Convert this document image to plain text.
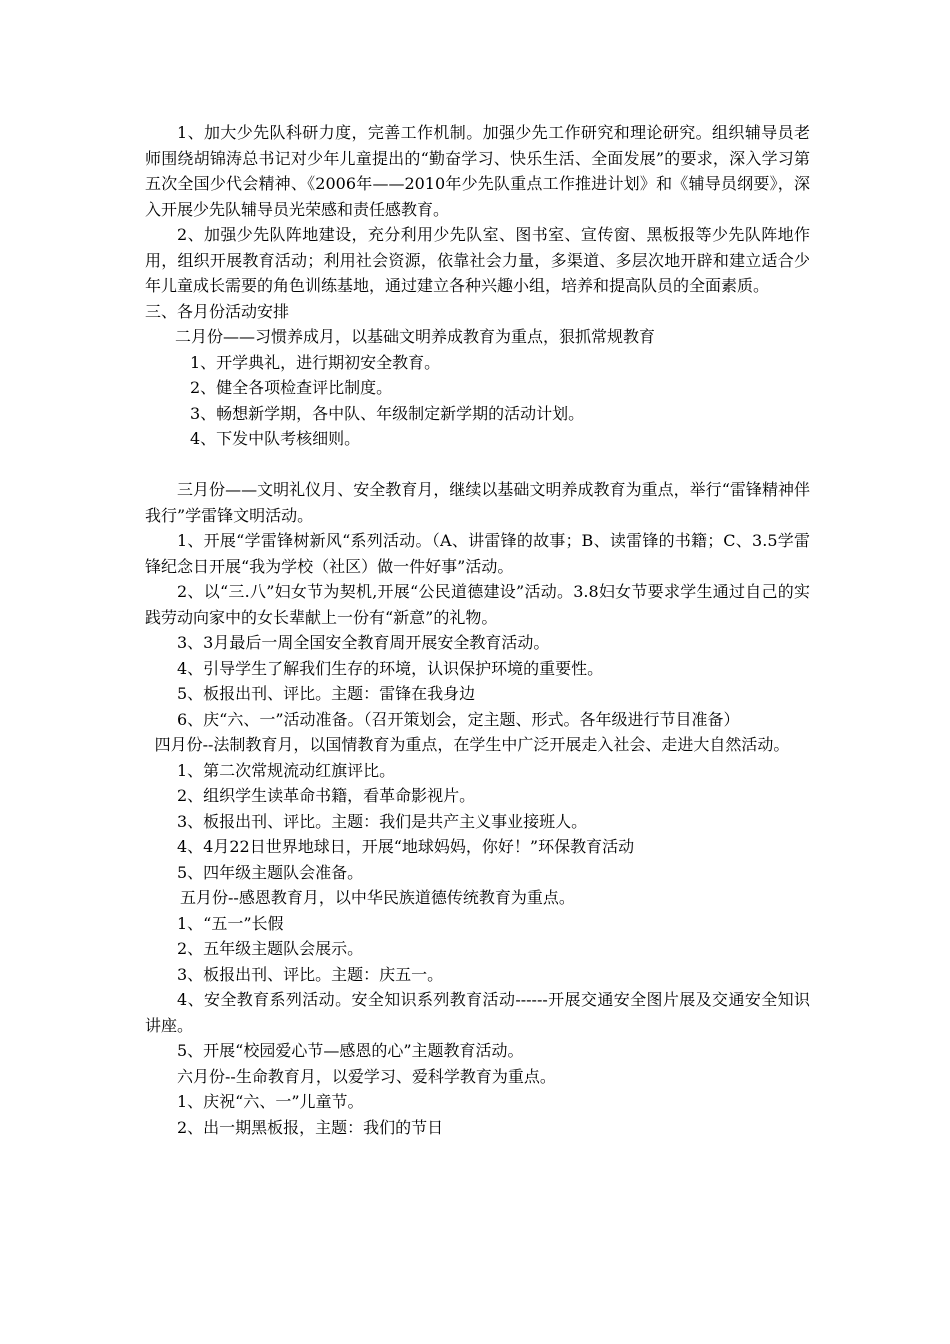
1、加大少先队科研力度，完善工作机制。加强少先工作研究和理论研究。组织辅导员老师围绕胡锦涛总书记对少年儿童提出的“勤奋学习、快乐生活、全面发展”的要求，深入学习第五次全国少代会精神、《2006年——2010年少先队重点工作推进计划》和《辅导员纲要》，深入开展少先队辅导员光荣感和责任感教育。

2、加强少先队阵地建设，充分利用少先队室、图书室、宣传窗、黑板报等少先队阵地作用，组织开展教育活动；利用社会资源，依靠社会力量，多渠道、多层次地开辟和建立适合少年儿童成长需要的角色训练基地，通过建立各种兴趣小组，培养和提高队员的全面素质。

三、各月份活动安排

二月份——习惯养成月，以基础文明养成教育为重点，狠抓常规教育

1、开学典礼，进行期初安全教育。

2、健全各项检查评比制度。

3、畅想新学期，各中队、年级制定新学期的活动计划。

4、下发中队考核细则。

三月份——文明礼仪月、安全教育月，继续以基础文明养成教育为重点，举行“雷锋精神伴我行”学雷锋文明活动。

1、开展“学雷锋树新风“系列活动。（A、讲雷锋的故事；B、读雷锋的书籍；C、3.5学雷锋纪念日开展“我为学校（社区）做一件好事”活动。

2、以“三.八”妇女节为契机,开展“公民道德建设”活动。3.8妇女节要求学生通过自己的实践劳动向家中的女长辈献上一份有“新意”的礼物。

3、3月最后一周全国安全教育周开展安全教育活动。

4、引导学生了解我们生存的环境，认识保护环境的重要性。

5、板报出刊、评比。主题：雷锋在我身边

6、庆“六、一”活动准备。（召开策划会，定主题、形式。各年级进行节目准备）

四月份--法制教育月，以国情教育为重点，在学生中广泛开展走入社会、走进大自然活动。

1、第二次常规流动红旗评比。

2、组织学生读革命书籍，看革命影视片。

3、板报出刊、评比。主题：我们是共产主义事业接班人。

4、4月22日世界地球日，开展“地球妈妈，你好！”环保教育活动

5、四年级主题队会准备。

五月份--感恩教育月，以中华民族道德传统教育为重点。

1、“五一”长假

2、五年级主题队会展示。

3、板报出刊、评比。主题：庆五一。

4、安全教育系列活动。安全知识系列教育活动------开展交通安全图片展及交通安全知识讲座。

5、开展“校园爱心节—感恩的心”主题教育活动。

六月份--生命教育月，以爱学习、爱科学教育为重点。

1、庆祝“六、一”儿童节。

2、出一期黑板报，主题：我们的节日
